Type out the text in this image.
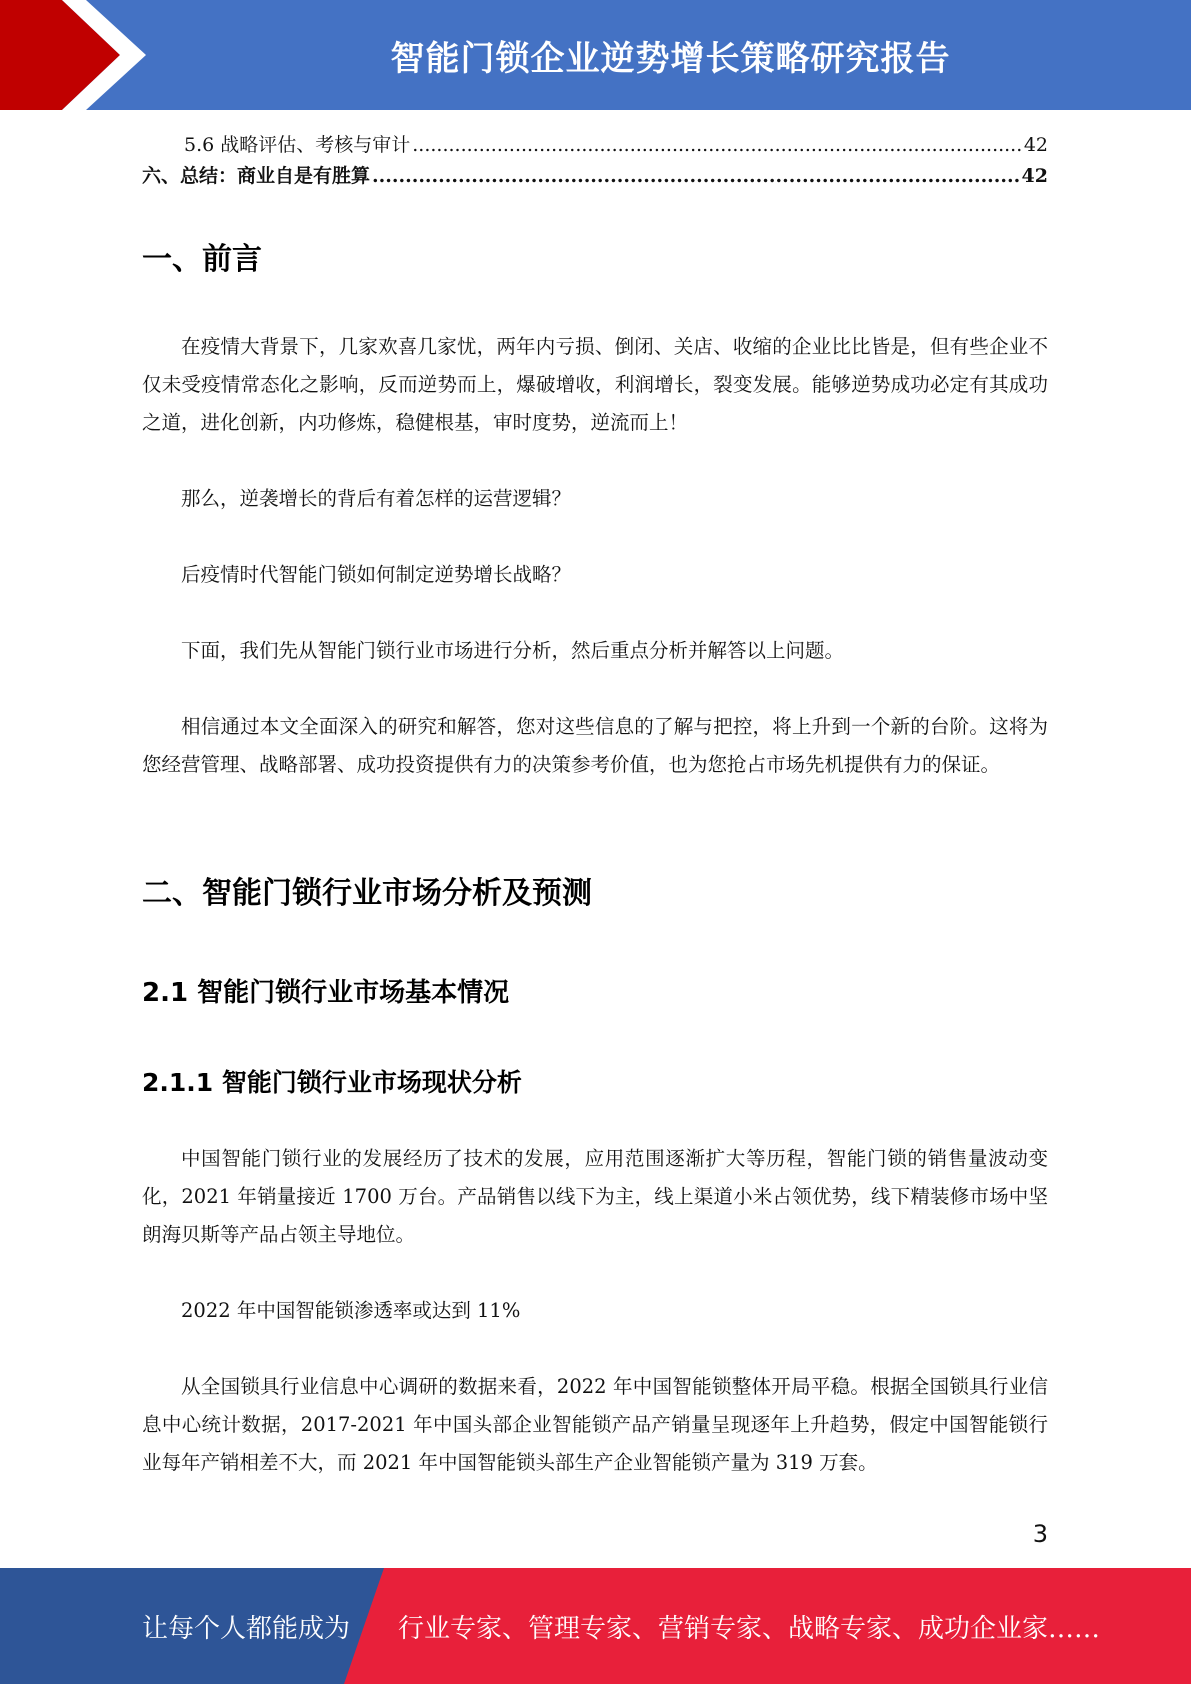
智能门锁企业逆势增长策略研究报告
5.6 战略评估、考核与审计 .....	42
六、总结：商业自是有胜算 .....	42
一、前言

在疫情大背景下，几家欢喜几家忧，两年内亏损、倒闭、关店、收缩的企业比比皆是，但有些企业不仅未受疫情常态化之影响，反而逆势而上，爆破增收，利润增长，裂变发展。能够逆势成功必定有其成功之道，进化创新，内功修炼，稳健根基，审时度势，逆流而上！

那么，逆袭增长的背后有着怎样的运营逻辑？

后疫情时代智能门锁如何制定逆势增长战略？

下面，我们先从智能门锁行业市场进行分析，然后重点分析并解答以上问题。

相信通过本文全面深入的研究和解答，您对这些信息的了解与把控，将上升到一个新的台阶。这将为您经营管理、战略部署、成功投资提供有力的决策参考价值，也为您抢占市场先机提供有力的保证。

二、智能门锁行业市场分析及预测
2.1 智能门锁行业市场基本情况
2.1.1 智能门锁行业市场现状分析

中国智能门锁行业的发展经历了技术的发展，应用范围逐渐扩大等历程，智能门锁的销售量波动变化，2021 年销量接近 1700 万台。产品销售以线下为主，线上渠道小米占领优势，线下精装修市场中坚朗海贝斯等产品占领主导地位。

2022 年中国智能锁渗透率或达到 11%

从全国锁具行业信息中心调研的数据来看，2022 年中国智能锁整体开局平稳。根据全国锁具行业信息中心统计数据，2017-2021 年中国头部企业智能锁产品产销量呈现逐年上升趋势，假定中国智能锁行业每年产销相差不大，而 2021 年中国智能锁头部生产企业智能锁产量为 319 万套。

3
让每个人都能成为 行业专家、管理专家、营销专家、战略专家、成功企业家……
